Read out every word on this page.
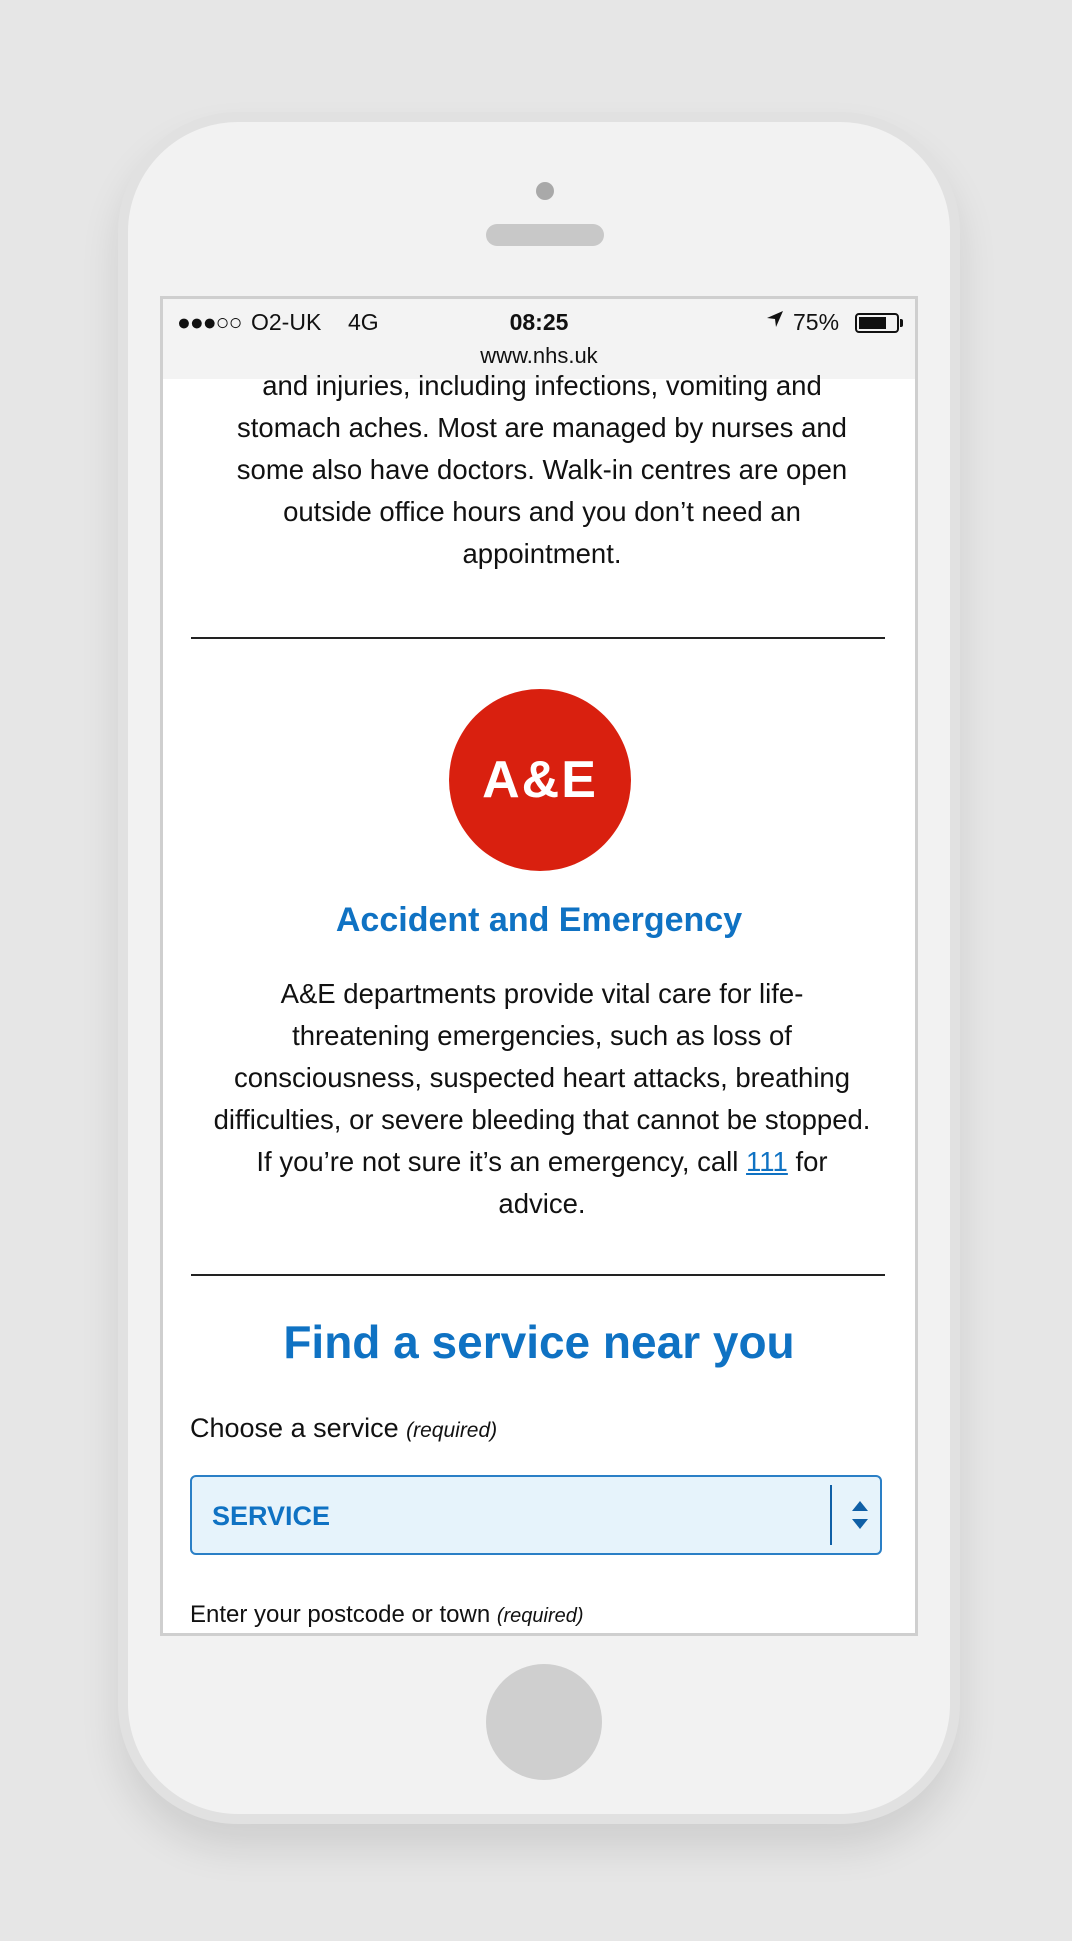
●●●○○ O2-UK 4G	08:25	75%
www.nhs.uk

and injuries, including infections, vomiting and stomach aches. Most are managed by nurses and some also have doctors. Walk-in centres are open outside office hours and you don’t need an appointment.

A&E
Accident and Emergency

A&E departments provide vital care for life-threatening emergencies, such as loss of consciousness, suspected heart attacks, breathing difficulties, or severe bleeding that cannot be stopped. If you’re not sure it’s an emergency, call 111 for advice.

Find a service near you
Choose a service (required)
SERVICE
Enter your postcode or town (required)
